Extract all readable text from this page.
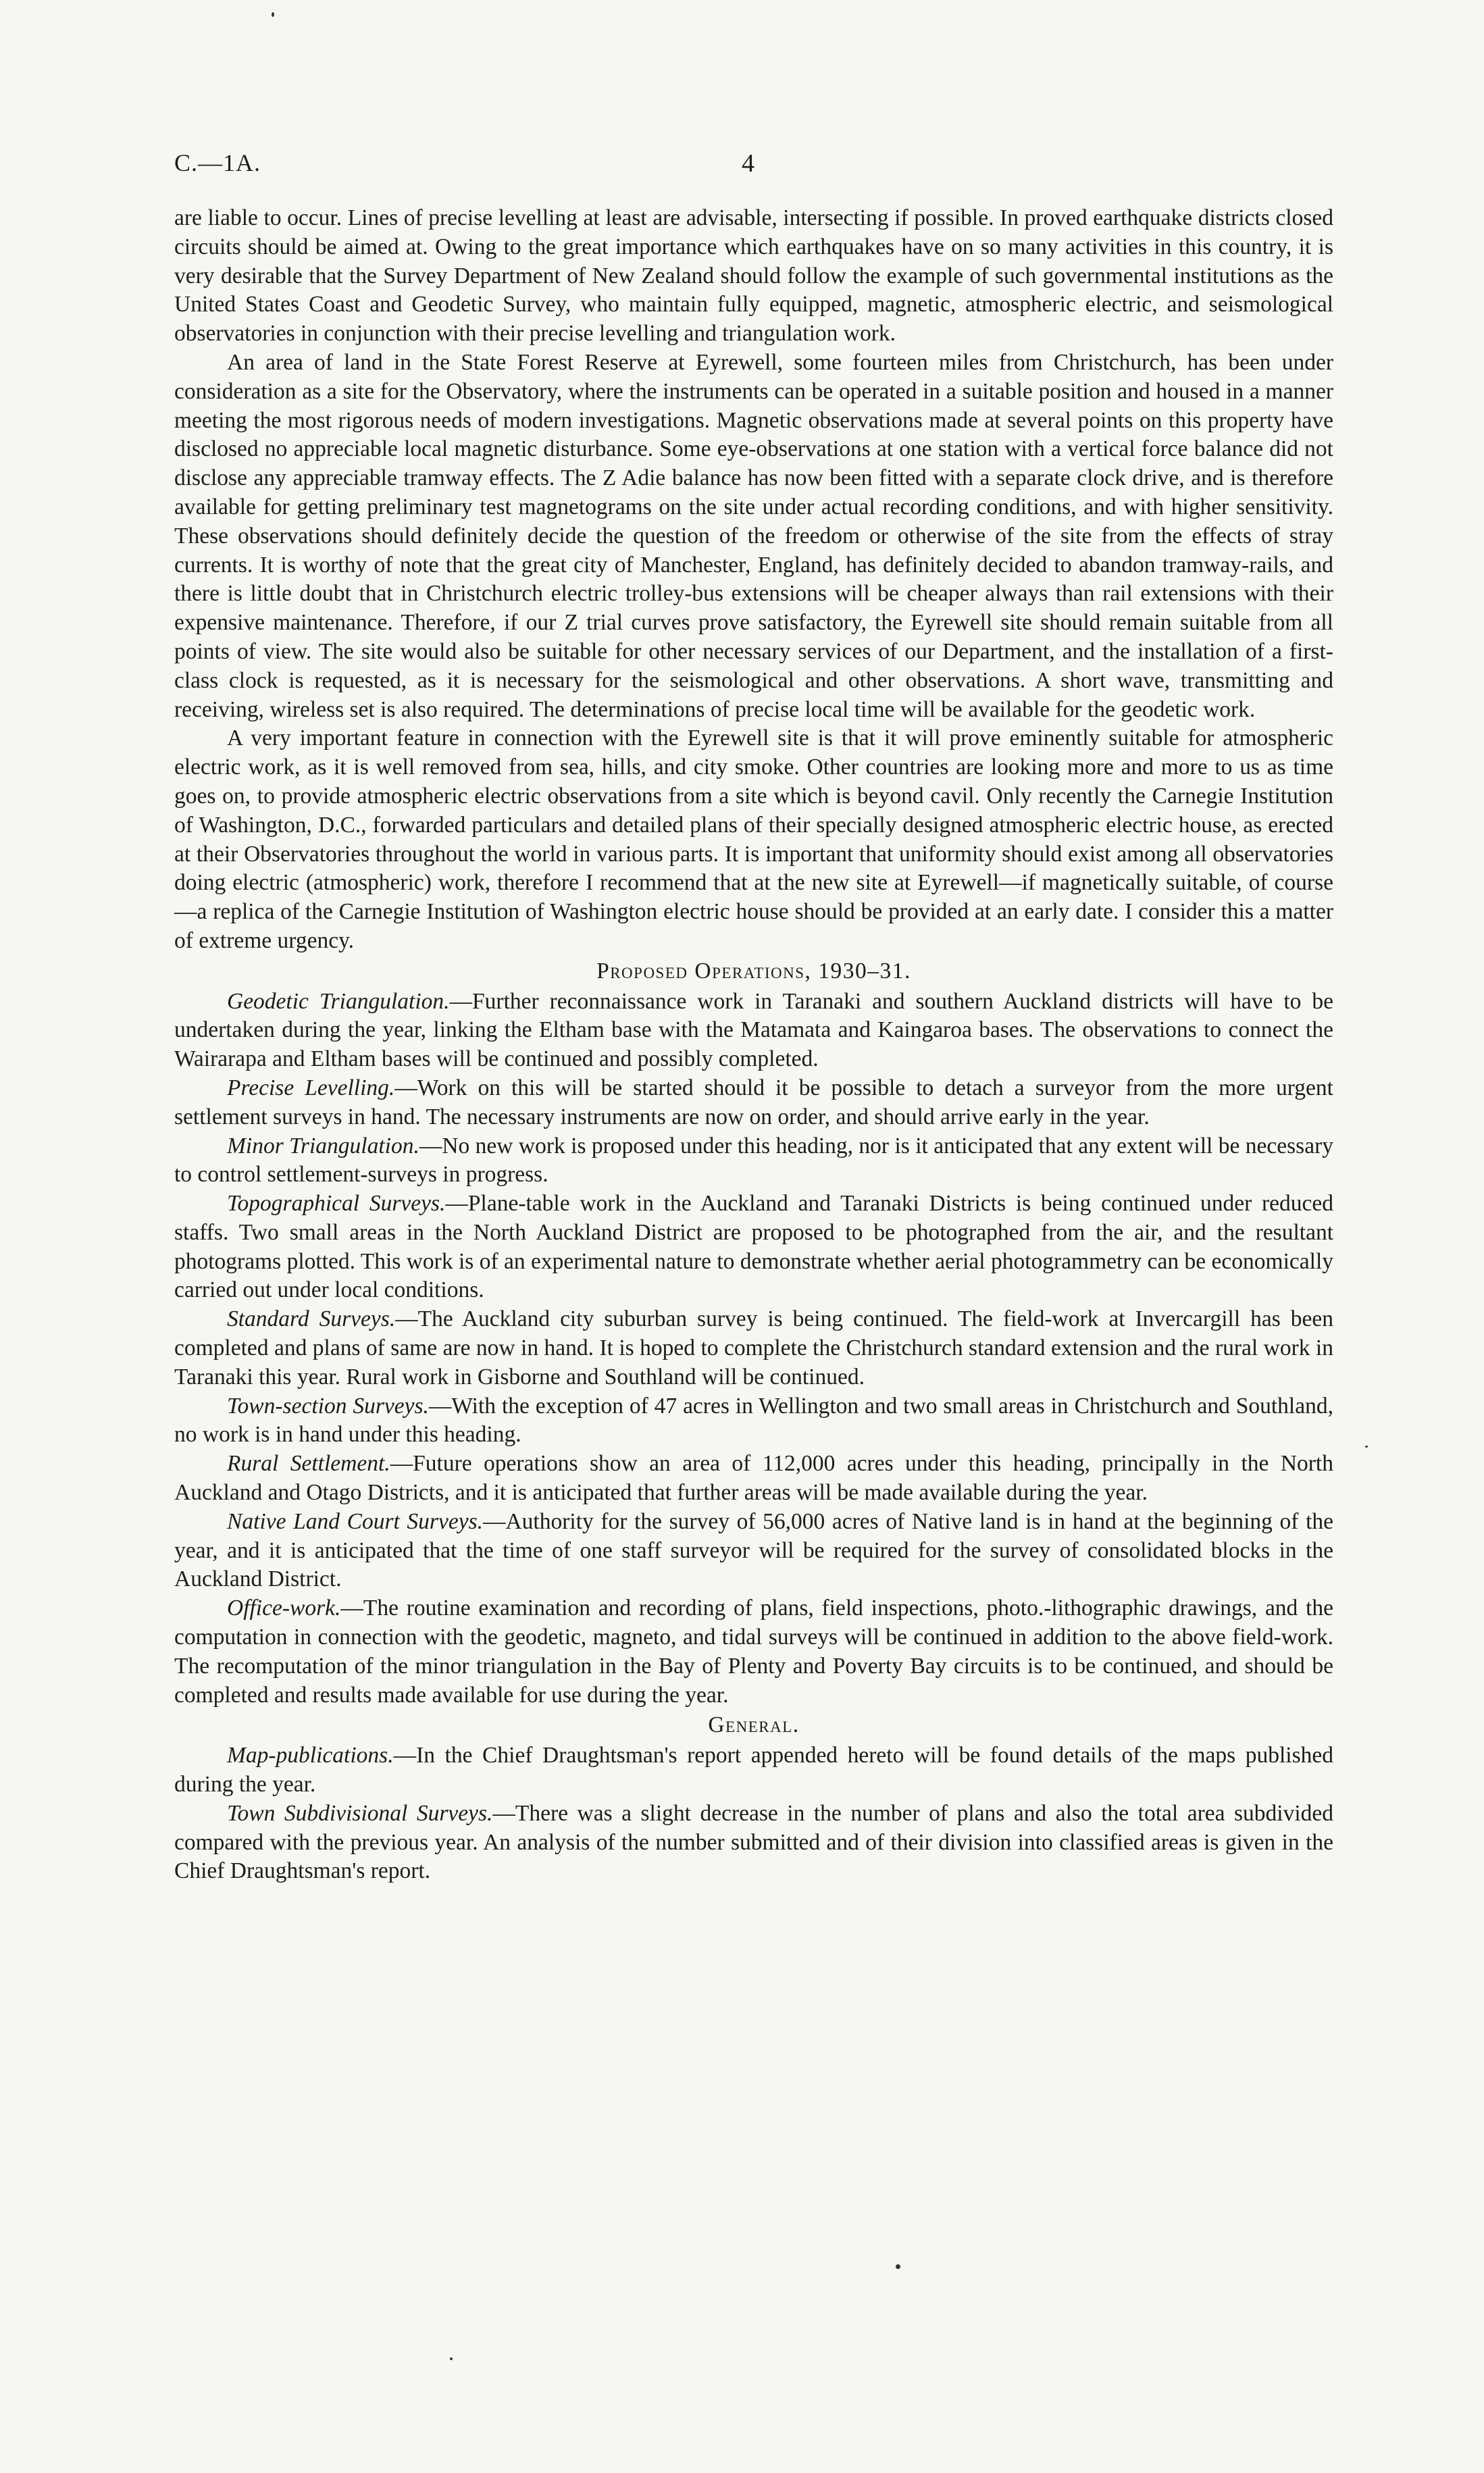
C.—1A.	4

are liable to occur. Lines of precise levelling at least are advisable, intersecting if possible. In proved earthquake districts closed circuits should be aimed at. Owing to the great importance which earthquakes have on so many activities in this country, it is very desirable that the Survey Department of New Zealand should follow the example of such governmental institutions as the United States Coast and Geodetic Survey, who maintain fully equipped, magnetic, atmospheric electric, and seismological observatories in conjunction with their precise levelling and triangulation work.

An area of land in the State Forest Reserve at Eyrewell, some fourteen miles from Christchurch, has been under consideration as a site for the Observatory, where the instruments can be operated in a suitable position and housed in a manner meeting the most rigorous needs of modern investigations. Magnetic observations made at several points on this property have disclosed no appreciable local magnetic disturbance. Some eye-observations at one station with a vertical force balance did not disclose any appreciable tramway effects. The Z Adie balance has now been fitted with a separate clock drive, and is therefore available for getting preliminary test magnetograms on the site under actual recording conditions, and with higher sensitivity. These observations should definitely decide the question of the freedom or otherwise of the site from the effects of stray currents. It is worthy of note that the great city of Manchester, England, has definitely decided to abandon tramway-rails, and there is little doubt that in Christchurch electric trolley-bus extensions will be cheaper always than rail extensions with their expensive maintenance. Therefore, if our Z trial curves prove satisfactory, the Eyrewell site should remain suitable from all points of view. The site would also be suitable for other necessary services of our Department, and the installation of a first-class clock is requested, as it is necessary for the seismological and other observations. A short wave, transmitting and receiving, wireless set is also required. The determinations of precise local time will be available for the geodetic work.

A very important feature in connection with the Eyrewell site is that it will prove eminently suitable for atmospheric electric work, as it is well removed from sea, hills, and city smoke. Other countries are looking more and more to us as time goes on, to provide atmospheric electric observations from a site which is beyond cavil. Only recently the Carnegie Institution of Washington, D.C., forwarded particulars and detailed plans of their specially designed atmospheric electric house, as erected at their Observatories throughout the world in various parts. It is important that uniformity should exist among all observatories doing electric (atmospheric) work, therefore I recommend that at the new site at Eyrewell—if magnetically suitable, of course—a replica of the Carnegie Institution of Washington electric house should be provided at an early date. I consider this a matter of extreme urgency.

Proposed Operations, 1930–31.

Geodetic Triangulation.—Further reconnaissance work in Taranaki and southern Auckland districts will have to be undertaken during the year, linking the Eltham base with the Matamata and Kaingaroa bases. The observations to connect the Wairarapa and Eltham bases will be continued and possibly completed.

Precise Levelling.—Work on this will be started should it be possible to detach a surveyor from the more urgent settlement surveys in hand. The necessary instruments are now on order, and should arrive early in the year.

Minor Triangulation.—No new work is proposed under this heading, nor is it anticipated that any extent will be necessary to control settlement-surveys in progress.

Topographical Surveys.—Plane-table work in the Auckland and Taranaki Districts is being continued under reduced staffs. Two small areas in the North Auckland District are proposed to be photographed from the air, and the resultant photograms plotted. This work is of an experimental nature to demonstrate whether aerial photogrammetry can be economically carried out under local conditions.

Standard Surveys.—The Auckland city suburban survey is being continued. The field-work at Invercargill has been completed and plans of same are now in hand. It is hoped to complete the Christchurch standard extension and the rural work in Taranaki this year. Rural work in Gisborne and Southland will be continued.

Town-section Surveys.—With the exception of 47 acres in Wellington and two small areas in Christchurch and Southland, no work is in hand under this heading.

Rural Settlement.—Future operations show an area of 112,000 acres under this heading, principally in the North Auckland and Otago Districts, and it is anticipated that further areas will be made available during the year.

Native Land Court Surveys.—Authority for the survey of 56,000 acres of Native land is in hand at the beginning of the year, and it is anticipated that the time of one staff surveyor will be required for the survey of consolidated blocks in the Auckland District.

Office-work.—The routine examination and recording of plans, field inspections, photo.-lithographic drawings, and the computation in connection with the geodetic, magneto, and tidal surveys will be continued in addition to the above field-work. The recomputation of the minor triangulation in the Bay of Plenty and Poverty Bay circuits is to be continued, and should be completed and results made available for use during the year.

General.

Map-publications.—In the Chief Draughtsman's report appended hereto will be found details of the maps published during the year.

Town Subdivisional Surveys.—There was a slight decrease in the number of plans and also the total area subdivided compared with the previous year. An analysis of the number submitted and of their division into classified areas is given in the Chief Draughtsman's report.
